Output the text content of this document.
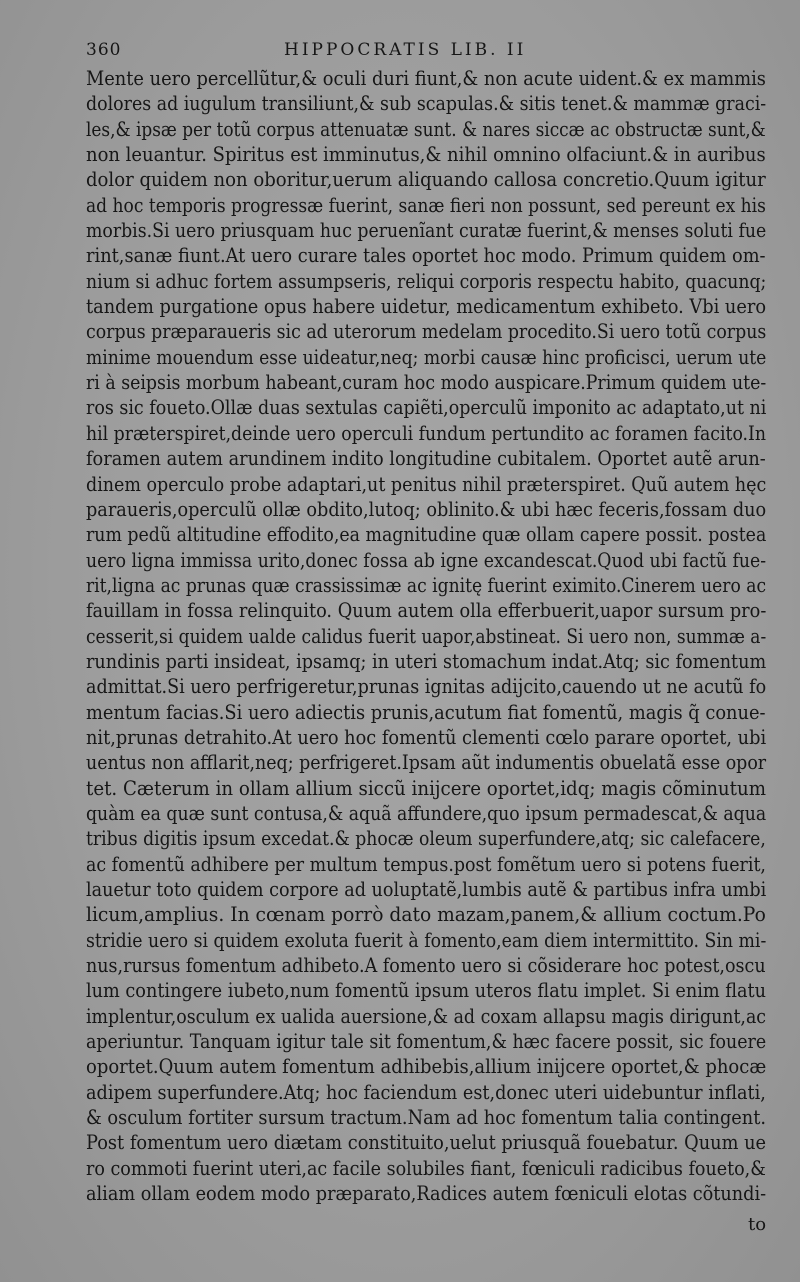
360	HIPPOCRATIS LIB. II
Mente uero percellũtur,& oculi duri fiunt,& non acute uident.& ex mammis
dolores ad iugulum transiliunt,& sub scapulas.& sitis tenet.& mammæ graci-
les,& ipsæ per totũ corpus attenuatæ sunt. & nares siccæ ac obstructæ sunt,&
non leuantur. Spiritus est imminutus,& nihil omnino olfaciunt.& in auribus
dolor quidem non oboritur,uerum aliquando callosa concretio.Quum igitur
ad hoc temporis progressæ fuerint, sanæ fieri non possunt, sed pereunt ex his
morbis.Si uero priusquam huc peruenĩant curatæ fuerint,& menses soluti fue
rint,sanæ fiunt.At uero curare tales oportet hoc modo. Primum quidem om-
nium si adhuc fortem assumpseris, reliqui corporis respectu habito, quacunq;
tandem purgatione opus habere uidetur, medicamentum exhibeto. Vbi uero
corpus præparaueris sic ad uterorum medelam procedito.Si uero totũ corpus
minime mouendum esse uideatur,neq; morbi causæ hinc proficisci, uerum ute
ri à seipsis morbum habeant,curam hoc modo auspicare.Primum quidem ute-
ros sic foueto.Ollæ duas sextulas capiẽti,operculũ imponito ac adaptato,ut ni
hil præterspiret,deinde uero operculi fundum pertundito ac foramen facito.In
foramen autem arundinem indito longitudine cubitalem. Oportet autẽ arun-
dinem operculo probe adaptari,ut penitus nihil præterspiret. Quũ autem hęc
paraueris,operculũ ollæ obdito,lutoq; oblinito.& ubi hæc feceris,fossam duo
rum pedũ altitudine effodito,ea magnitudine quæ ollam capere possit. postea
uero ligna immissa urito,donec fossa ab igne excandescat.Quod ubi factũ fue-
rit,ligna ac prunas quæ crassissimæ ac ignitę fuerint eximito.Cinerem uero ac
fauillam in fossa relinquito. Quum autem olla efferbuerit,uapor sursum pro-
cesserit,si quidem ualde calidus fuerit uapor,abstineat. Si uero non, summæ a-
rundinis parti insideat, ipsamq; in uteri stomachum indat.Atq; sic fomentum
admittat.Si uero perfrigeretur,prunas ignitas adijcito,cauendo ut ne acutũ fo
mentum facias.Si uero adiectis prunis,acutum fiat fomentũ, magis q̃ conue-
nit,prunas detrahito.At uero hoc fomentũ clementi cœlo parare oportet, ubi
uentus non afflarit,neq; perfrigeret.Ipsam aũt indumentis obuelatã esse opor
tet. Cæterum in ollam allium siccũ inijcere oportet,idq; magis cõminutum
quàm ea quæ sunt contusa,& aquã affundere,quo ipsum permadescat,& aqua
tribus digitis ipsum excedat.& phocæ oleum superfundere,atq; sic calefacere,
ac fomentũ adhibere per multum tempus.post fomẽtum uero si potens fuerit,
lauetur toto quidem corpore ad uoluptatẽ,lumbis autẽ & partibus infra umbi
licum,amplius. In cœnam porrò dato mazam,panem,& allium coctum.Po
stridie uero si quidem exoluta fuerit à fomento,eam diem intermittito. Sin mi-
nus,rursus fomentum adhibeto.A fomento uero si cõsiderare hoc potest,oscu
lum contingere iubeto,num fomentũ ipsum uteros flatu implet. Si enim flatu
implentur,osculum ex ualida auersione,& ad coxam allapsu magis dirigunt,ac
aperiuntur. Tanquam igitur tale sit fomentum,& hæc facere possit, sic fouere
oportet.Quum autem fomentum adhibebis,allium inijcere oportet,& phocæ
adipem superfundere.Atq; hoc faciendum est,donec uteri uidebuntur inflati,
& osculum fortiter sursum tractum.Nam ad hoc fomentum talia contingent.
Post fomentum uero diætam constituito,uelut priusquã fouebatur. Quum ue
ro commoti fuerint uteri,ac facile solubiles fiant, fœniculi radicibus foueto,&
aliam ollam eodem modo præparato,Radices autem fœniculi elotas cõtundi-
to
